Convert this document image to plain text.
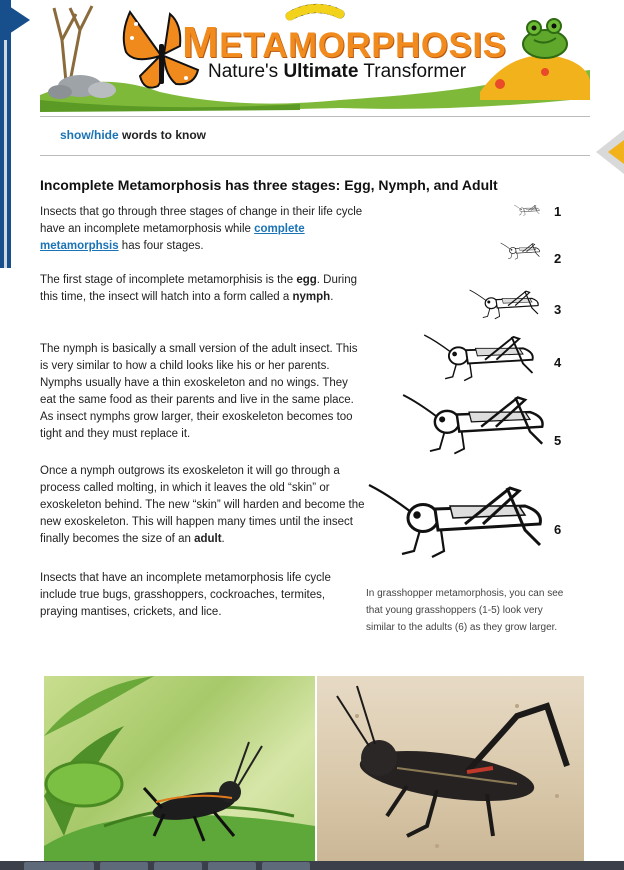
METAMORPHOSIS
Nature's Ultimate Transformer
show/hide words to know
Incomplete Metamorphosis has three stages: Egg, Nymph, and Adult
Insects that go through three stages of change in their life cycle have an incomplete metamorphosis while complete metamorphsis has four stages.
The first stage of incomplete metamorphisis is the egg. During this time, the insect will hatch into a form called a nymph.
The nymph is basically a small version of the adult insect. This is very similar to how a child looks like his or her parents. Nymphs usually have a thin exoskeleton and no wings. They eat the same food as their parents and live in the same place. As insect nymphs grow larger, their exoskeleton becomes too tight and they must replace it.
Once a nymph outgrows its exoskeleton it will go through a process called molting, in which it leaves the old “skin” or exoskeleton behind. The new “skin” will harden and become the new exoskeleton. This will happen many times until the insect finally becomes the size of an adult.
Insects that have an incomplete metamorphosis life cycle include true bugs, grasshoppers, cockroaches, termites, praying mantises, crickets, and lice.
1
2
3
4
5
6
In grasshopper metamorphosis, you can see that young grasshoppers (1-5) look very similar to the adults (6) as they grow larger.
